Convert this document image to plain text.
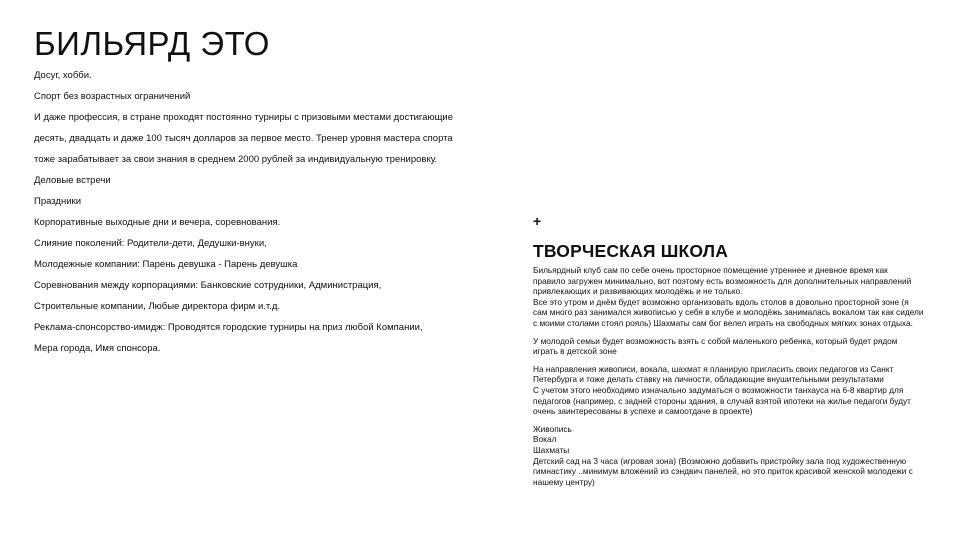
БИЛЬЯРД ЭТО
Досуг, хобби.
Спорт без возрастных ограничений
И даже профессия, в стране проходят постоянно турниры с призовыми местами достигающие
десять, двадцать и даже 100 тысяч долларов за первое место. Тренер уровня мастера спорта
тоже зарабатывает за свои знания в среднем 2000 рублей за индивидуальную тренировку.
Деловые встречи
Праздники
Корпоративные выходные дни и вечера, соревнования.
Слияние поколений: Родители-дети, Дедушки-внуки,
Молодежные компании: Парень девушка - Парень девушка
Соревнования между корпорациями: Банковские сотрудники, Администрация,
Строительные компании, Любые директора фирм и.т.д.
Реклама-спонсорство-имидж: Проводятся городские турниры на приз любой Компании,
Мера города, Имя спонсора.
+
ТВОРЧЕСКАЯ ШКОЛА
Бильярдный клуб сам по себе очень просторное помещение утреннее и дневное время как
правило загружен минимально, вот поэтому есть возможность для дополнительных направлений
привлекающих и развивающих молодёжь и не только.
Все это утром и днём будет возможно организовать вдоль столов в довольно просторной зоне (я
сам много раз занимался живописью у себя в клубе и молодёжь занималась вокалом так как сидели
с моими столами стоял рояль) Шахматы сам бог велел играть на свободных мягких зонах отдыха.
У молодой семьи будет возможность взять с собой маленького ребенка, который будет рядом
играть в детской зоне
На направления живописи, вокала, шахмат я планирую пригласить своих педагогов из Санкт
Петербурга и тоже делать ставку на личности, обладающие внушительными результатами
С учетом этого необходимо изначально задуматься о возможности танхауса на 6-8 квартир для
педагогов (например, с задней стороны здания, в случай взятой ипотеки на жилье педагоги будут
очень заинтересованы в успехе и самоотдаче в проекте)
Живопись
Вокал
Шахматы
Детский сад на 3 часа (игровая зона) (Возможно добавить пристройку зала под художественную
гимнастику ..минимум вложений из сэндвич панелей, но это приток красивой женской молодежи с
нашему центру)
